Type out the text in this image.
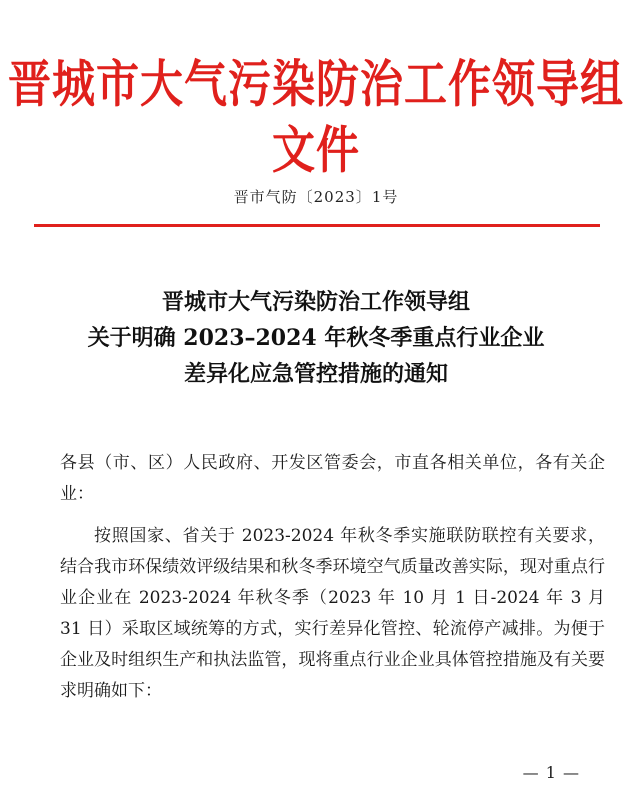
晋城市大气污染防治工作领导组文件
晋市气防〔2023〕1号
晋城市大气污染防治工作领导组
关于明确 2023–2024 年秋冬季重点行业企业
差异化应急管控措施的通知
各县（市、区）人民政府、开发区管委会，市直各相关单位，各有关企业：
按照国家、省关于 2023-2024 年秋冬季实施联防联控有关要求，结合我市环保绩效评级结果和秋冬季环境空气质量改善实际，现对重点行业企业在 2023-2024 年秋冬季（2023 年 10 月 1 日-2024 年 3 月 31 日）采取区域统筹的方式，实行差异化管控、轮流停产减排。为便于企业及时组织生产和执法监管，现将重点行业企业具体管控措施及有关要求明确如下：
— 1 —
